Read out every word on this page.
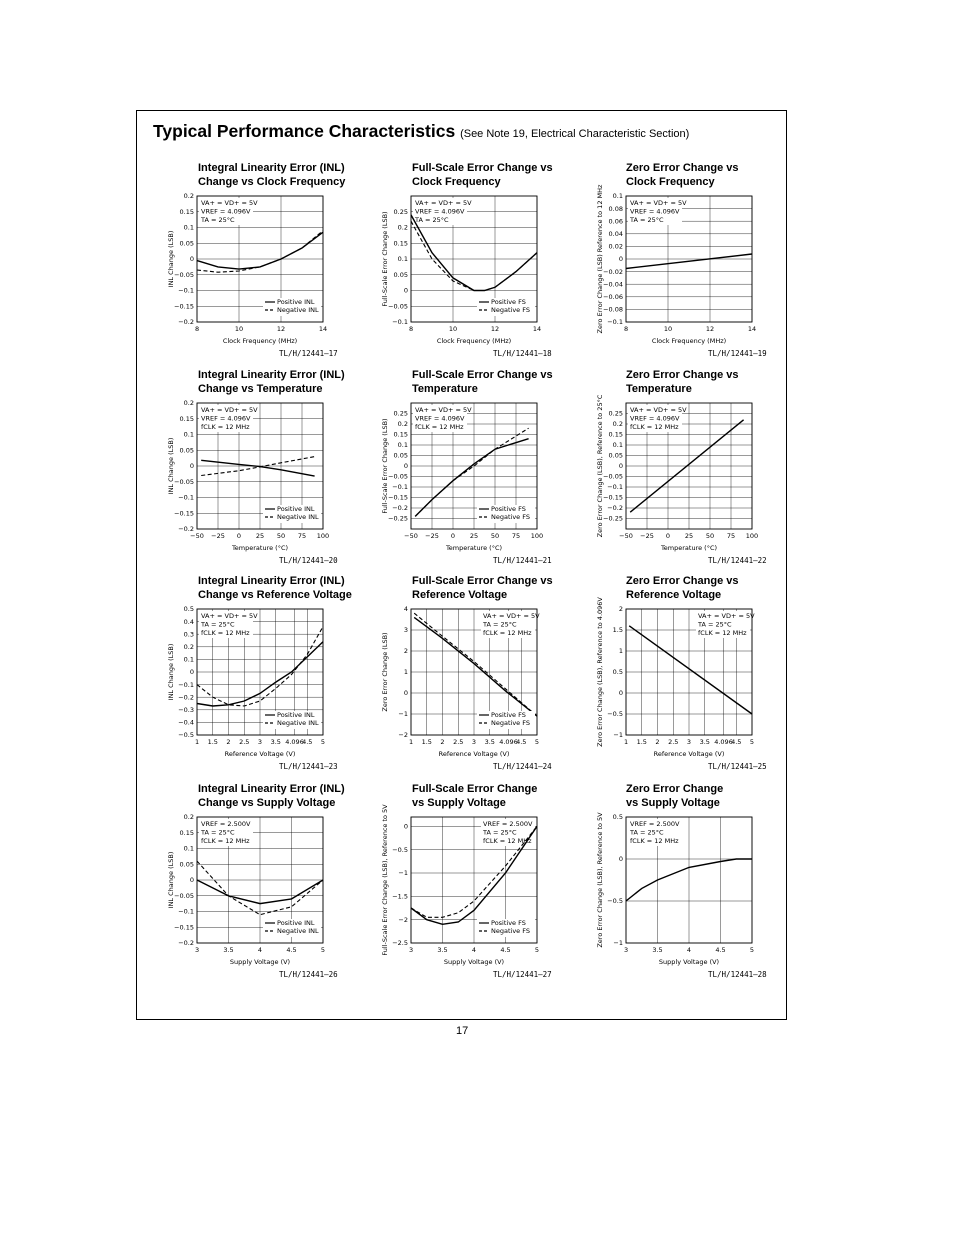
Typical Performance Characteristics (See Note 19, Electrical Characteristic Section)
Integral Linearity Error (INL)
Change vs Clock Frequency
TL/H/12441–17
8	10	12	14
0.2
0.15
0.1
0.05
0
−0.05
−0.1
−0.15
−0.2
Clock Frequency (MHz)
INL Change (LSB)
VA+ = VD+ = 5V
VREF = 4.096V
TA = 25°C
Positive INL
Negative INL
Full-Scale Error Change vs
Clock Frequency
TL/H/12441–18
8	10	12	14
0.25
0.2
0.15
0.1
0.05
0
−0.05
−0.1
Clock Frequency (MHz)
Full-Scale Error Change (LSB)
VA+ = VD+ = 5V
VREF = 4.096V
TA = 25°C
Positive FS
Negative FS
Zero Error Change vs
Clock Frequency
TL/H/12441–19
8	10	12	14
0.1
0.08
0.06
0.04
0.02
0
−0.02
−0.04
−0.06
−0.08
−0.1
Clock Frequency (MHz)
Zero Error Change (LSB) Reference to 12 MHz	VA+ = VD+ = 5V
VREF = 4.096V
TA = 25°C
Integral Linearity Error (INL)
Change vs Temperature
TL/H/12441–20
−50 −25 0 25 50 75 100
0.2
0.15
0.1
0.05
0
−0.05
−0.1
−0.15
−0.2
Temperature (°C)
INL Change (LSB)
VA+ = VD+ = 5V
VREF = 4.096V
fCLK = 12 MHz
Positive INL
Negative INL
Full-Scale Error Change vs
Temperature
TL/H/12441–21
−50 −25 0 25 50 75 100
0.25
0.2
0.15
0.1
0.05
0
−0.05
−0.1
−0.15
−0.2
−0.25
Temperature (°C)
Full-Scale Error Change (LSB)
VA+ = VD+ = 5V
VREF = 4.096V
fCLK = 12 MHz
Positive FS
Negative FS
Zero Error Change vs
Temperature
TL/H/12441–22
−50 −25 0 25 50 75 100
0.25
0.2
0.15
0.1
0.05
0
−0.05
−0.1
−0.15
−0.2
−0.25
Temperature (°C)
Zero Error Change (LSB), Reference to 25°C	VA+ = VD+ = 5V
VREF = 4.096V
fCLK = 12 MHz
Integral Linearity Error (INL)
Change vs Reference Voltage
TL/H/12441–23
1 1.5 2 2.5 3 3.5 4.096
4.5 5
0.5
0.4
0.3
0.2
0.1
0
−0.1
−0.2
−0.3
−0.4
−0.5
Reference Voltage (V)
INL Change (LSB)
VA+ = VD+ = 5V
TA = 25°C
fCLK = 12 MHz
Positive INL
Negative INL
Full-Scale Error Change vs
Reference Voltage
TL/H/12441–24
1 1.5 2 2.5 3 3.5 4.096
4.5 5
4
3
2
1
0
−1
−2
Reference Voltage (V)
Zero Error Change (LSB)
VA+ = VD+ = 5V
TA = 25°C
fCLK = 12 MHz
Positive FS
Negative FS
Zero Error Change vs
Reference Voltage
TL/H/12441–25
1 1.5 2 2.5 3 3.5 4.096
4.5 5
2
1.5
1
0.5
0
−0.5
−1
Reference Voltage (V)
Zero Error Change (LSB), Reference to 4.096V	VA+ = VD+ = 5V
TA = 25°C
fCLK = 12 MHz
Integral Linearity Error (INL)
Change vs Supply Voltage
TL/H/12441–26
3	3.5	4	4.5	5
0.2
0.15
0.1
0.05
0
−0.05
−0.1
−0.15
−0.2
Supply Voltage (V)
INL Change (LSB)
VREF = 2.500V
TA = 25°C
fCLK = 12 MHz
Positive INL
Negative INL
Full-Scale Error Change
vs Supply Voltage
TL/H/12441–27
3	3.5	4	4.5	5
0
−0.5
−1
−1.5
−2
−2.5
Supply Voltage (V)
Full-Scale Error Change (LSB), Reference to 5V	VREF = 2.500V
TA = 25°C
fCLK = 12 MHz
Positive FS
Negative FS
Zero Error Change
vs Supply Voltage
TL/H/12441–28
3	3.5	4	4.5	5
0.5
0
−0.5
−1
Supply Voltage (V)
Zero Error Change (LSB), Reference to 5V	VREF = 2.500V
TA = 25°C
fCLK = 12 MHz
17
